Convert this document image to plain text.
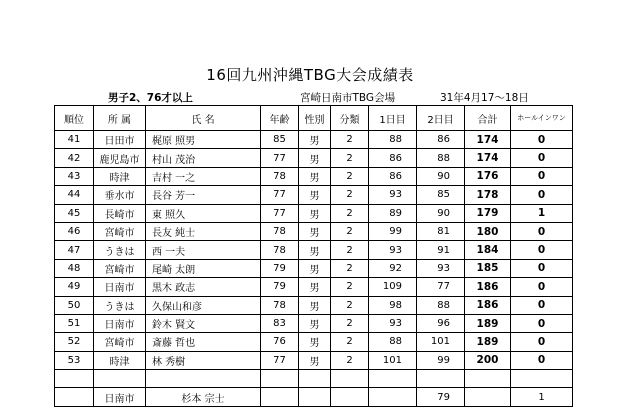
16回九州沖縄TBG大会成績表
男子2、76才以上	宮崎日南市TBG会場	31年4月17〜18日
順位	所 属	氏 名	年齢	性別	分類	1日目	2日目	合計	ホールインワン
41	日田市	梶原 照男	85	男	2	88	86	174	0
42	鹿児島市	村山 茂治	77	男	2	86	88	174	0
43	時津	吉村 一之	78	男	2	86	90	176	0
44	垂水市	長谷 芳一	77	男	2	93	85	178	0
45	長崎市	東 照久	77	男	2	89	90	179	1
46	宮崎市	長友 純士	78	男	2	99	81	180	0
47	うきは	西 一夫	78	男	2	93	91	184	0
48	宮崎市	尾崎 太朗	79	男	2	92	93	185	0
49	日南市	黒木 政志	79	男	2	109	77	186	0
50	うきは	久保山和彦	78	男	2	98	88	186	0
51	日南市	鈴木 賢文	83	男	2	93	96	189	0
52	宮崎市	斎藤 哲也	76	男	2	88	101	189	0
53	時津	林 秀樹	77	男	2	101	99	200	0

	日南市	杉本 宗士					79		1
